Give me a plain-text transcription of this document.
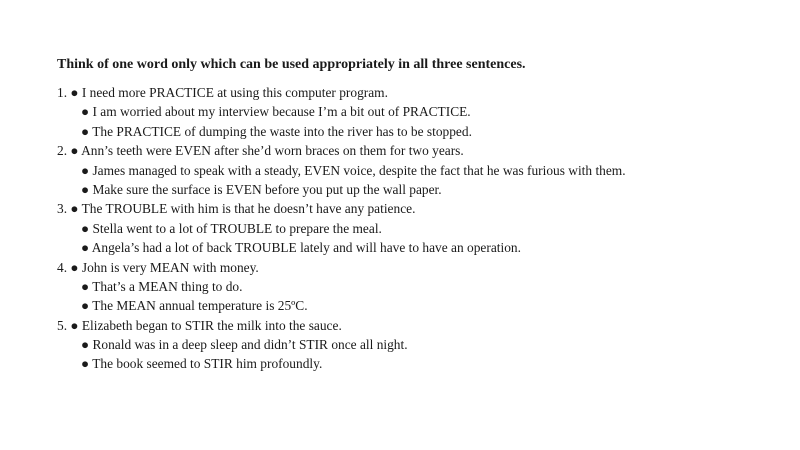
Think of one word only which can be used appropriately in all three sentences.
1. ● I need more PRACTICE at using this computer program.
● I am worried about my interview because I’m a bit out of PRACTICE.
● The PRACTICE of dumping the waste into the river has to be stopped.
2. ● Ann’s teeth were EVEN after she’d worn braces on them for two years.
● James managed to speak with a steady, EVEN voice, despite the fact that he was furious with them.
● Make sure the surface is EVEN before you put up the wall paper.
3. ● The TROUBLE with him is that he doesn’t have any patience.
● Stella went to a lot of TROUBLE to prepare the meal.
● Angela’s had a lot of back TROUBLE lately and will have to have an operation.
4. ● John is very MEAN with money.
● That’s a MEAN thing to do.
● The MEAN annual temperature is 25ºC.
5. ● Elizabeth began to STIR the milk into the sauce.
● Ronald was in a deep sleep and didn’t STIR once all night.
● The book seemed to STIR him profoundly.
